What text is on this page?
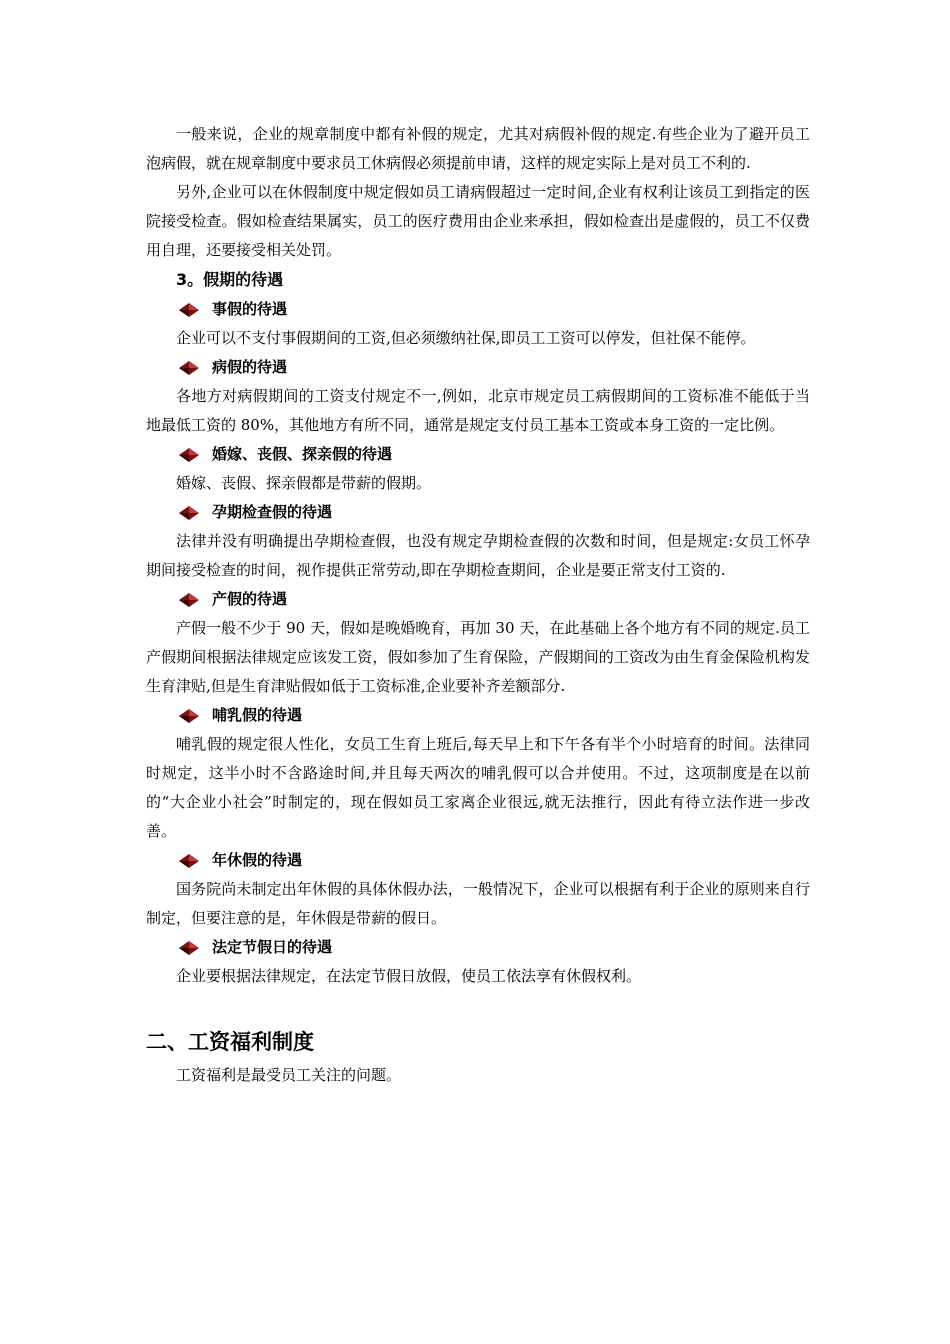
一般来说，企业的规章制度中都有补假的规定，尤其对病假补假的规定.有些企业为了避开员工泡病假，就在规章制度中要求员工休病假必须提前申请，这样的规定实际上是对员工不利的.

另外,企业可以在休假制度中规定假如员工请病假超过一定时间,企业有权利让该员工到指定的医院接受检查。假如检查结果属实，员工的医疗费用由企业来承担，假如检查出是虚假的，员工不仅费用自理，还要接受相关处罚。

3。假期的待遇

事假的待遇

企业可以不支付事假期间的工资,但必须缴纳社保,即员工工资可以停发，但社保不能停。

病假的待遇

各地方对病假期间的工资支付规定不一,例如，北京市规定员工病假期间的工资标准不能低于当地最低工资的 80%，其他地方有所不同，通常是规定支付员工基本工资或本身工资的一定比例。

婚嫁、丧假、探亲假的待遇

婚嫁、丧假、探亲假都是带薪的假期。

孕期检查假的待遇

法律并没有明确提出孕期检查假，也没有规定孕期检查假的次数和时间，但是规定:女员工怀孕期间接受检查的时间，视作提供正常劳动,即在孕期检查期间，企业是要正常支付工资的.

产假的待遇

产假一般不少于 90 天，假如是晚婚晚育，再加 30 天，在此基础上各个地方有不同的规定.员工产假期间根据法律规定应该发工资，假如参加了生育保险，产假期间的工资改为由生育金保险机构发生育津贴,但是生育津贴假如低于工资标准,企业要补齐差额部分.

哺乳假的待遇

哺乳假的规定很人性化，女员工生育上班后,每天早上和下午各有半个小时培育的时间。法律同时规定，这半小时不含路途时间,并且每天两次的哺乳假可以合并使用。不过，这项制度是在以前的“大企业小社会”时制定的，现在假如员工家离企业很远,就无法推行，因此有待立法作进一步改善。

年休假的待遇

国务院尚未制定出年休假的具体休假办法，一般情况下，企业可以根据有利于企业的原则来自行制定，但要注意的是，年休假是带薪的假日。

法定节假日的待遇

企业要根据法律规定，在法定节假日放假，使员工依法享有休假权利。

二、工资福利制度

工资福利是最受员工关注的问题。
